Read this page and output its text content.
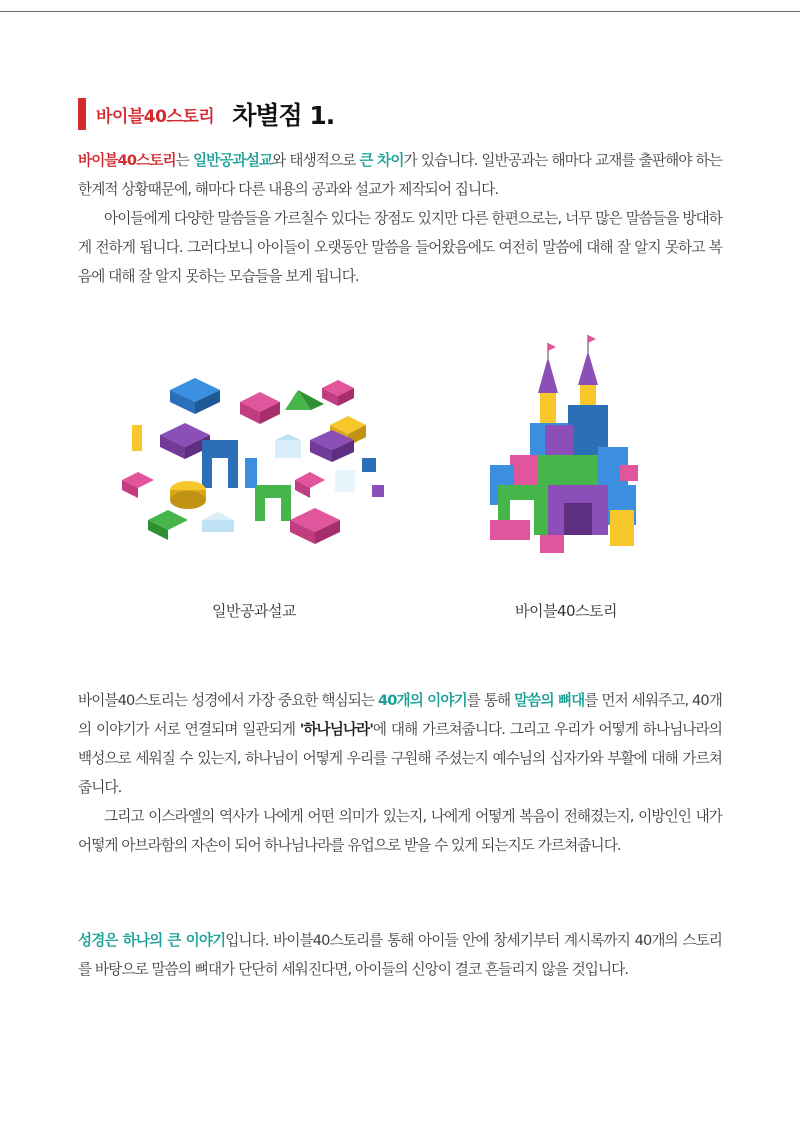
바이블40스토리 차별점 1.

바이블40스토리는 일반공과설교와 태생적으로 큰 차이가 있습니다. 일반공과는 해마다 교재를 출판해야 하는 한계적 상황때문에, 해마다 다른 내용의 공과와 설교가 제작되어 집니다.
아이들에게 다양한 말씀들을 가르칠수 있다는 장점도 있지만 다른 한편으로는, 너무 많은 말씀들을 방대하게 전하게 됩니다. 그러다보니 아이들이 오랫동안 말씀을 들어왔음에도 여전히 말씀에 대해 잘 알지 못하고 복음에 대해 잘 알지 못하는 모습들을 보게 됩니다.

일반공과설교	바이블40스토리

바이블40스토리는 성경에서 가장 중요한 핵심되는 40개의 이야기를 통해 말씀의 뼈대를 먼저 세워주고, 40개의 이야기가 서로 연결되며 일관되게 '하나님나라'에 대해 가르쳐줍니다. 그리고 우리가 어떻게 하나님나라의 백성으로 세워질 수 있는지, 하나님이 어떻게 우리를 구원해 주셨는지 예수님의 십자가와 부활에 대해 가르쳐줍니다.
그리고 이스라엘의 역사가 나에게 어떤 의미가 있는지, 나에게 어떻게 복음이 전해졌는지, 이방인인 내가 어떻게 아브라함의 자손이 되어 하나님나라를 유업으로 받을 수 있게 되는지도 가르쳐줍니다.

성경은 하나의 큰 이야기입니다. 바이블40스토리를 통해 아이들 안에 창세기부터 계시록까지 40개의 스토리를 바탕으로 말씀의 뼈대가 단단히 세워진다면, 아이들의 신앙이 결코 흔들리지 않을 것입니다.
